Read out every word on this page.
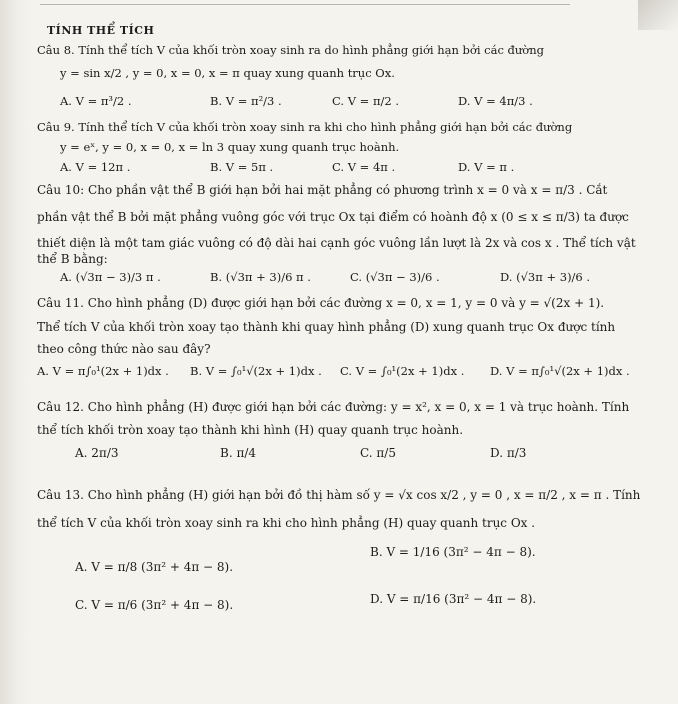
TÍNH THỂ TÍCH
Câu 8. Tính thể tích V của khối tròn xoay sinh ra do hình phẳng giới hạn bởi các đường
y = sin x/2 , y = 0, x = 0, x = π quay xung quanh trục Ox.
A. V = π³/2 .	B. V = π²/3 .	C. V = π/2 .	D. V = 4π/3 .
Câu 9. Tính thể tích V của khối tròn xoay sinh ra khi cho hình phẳng giới hạn bởi các đường
y = eˣ, y = 0, x = 0, x = ln 3 quay xung quanh trục hoành.
A. V = 12π .	B. V = 5π .	C. V = 4π .	D. V = π .
Câu 10: Cho phần vật thể B giới hạn bởi hai mặt phẳng có phương trình x = 0 và x = π/3 . Cắt
phần vật thể B bởi mặt phẳng vuông góc với trục Ox tại điểm có hoành độ x (0 ≤ x ≤ π/3) ta được
thiết diện là một tam giác vuông có độ dài hai cạnh góc vuông lần lượt là 2x và cos x . Thể tích vật
thể B bằng:
A. (√3π − 3)/3 π .	B. (√3π + 3)/6 π .	C. (√3π − 3)/6 .	D. (√3π + 3)/6 .
Câu 11. Cho hình phẳng (D) được giới hạn bởi các đường x = 0, x = 1, y = 0 và y = √(2x + 1).
Thể tích V của khối tròn xoay tạo thành khi quay hình phẳng (D) xung quanh trục Ox được tính
theo công thức nào sau đây?
A. V = π∫₀¹(2x + 1)dx . B. V = ∫₀¹√(2x + 1)dx . C. V = ∫₀¹(2x + 1)dx . D. V = π∫₀¹√(2x + 1)dx .
Câu 12. Cho hình phẳng (H) được giới hạn bởi các đường: y = x², x = 0, x = 1 và trục hoành. Tính
thể tích khối tròn xoay tạo thành khi hình (H) quay quanh trục hoành.
A. 2π/3	B. π/4	C. π/5	D. π/3
Câu 13. Cho hình phẳng (H) giới hạn bởi đồ thị hàm số y = √x cos x/2 , y = 0 , x = π/2 , x = π . Tính
thể tích V của khối tròn xoay sinh ra khi cho hình phẳng (H) quay quanh trục Ox .
A. V = π/8 (3π² + 4π − 8).
B. V = 1/16 (3π² − 4π − 8).
C. V = π/6 (3π² + 4π − 8).	D. V = π/16 (3π² − 4π − 8).
